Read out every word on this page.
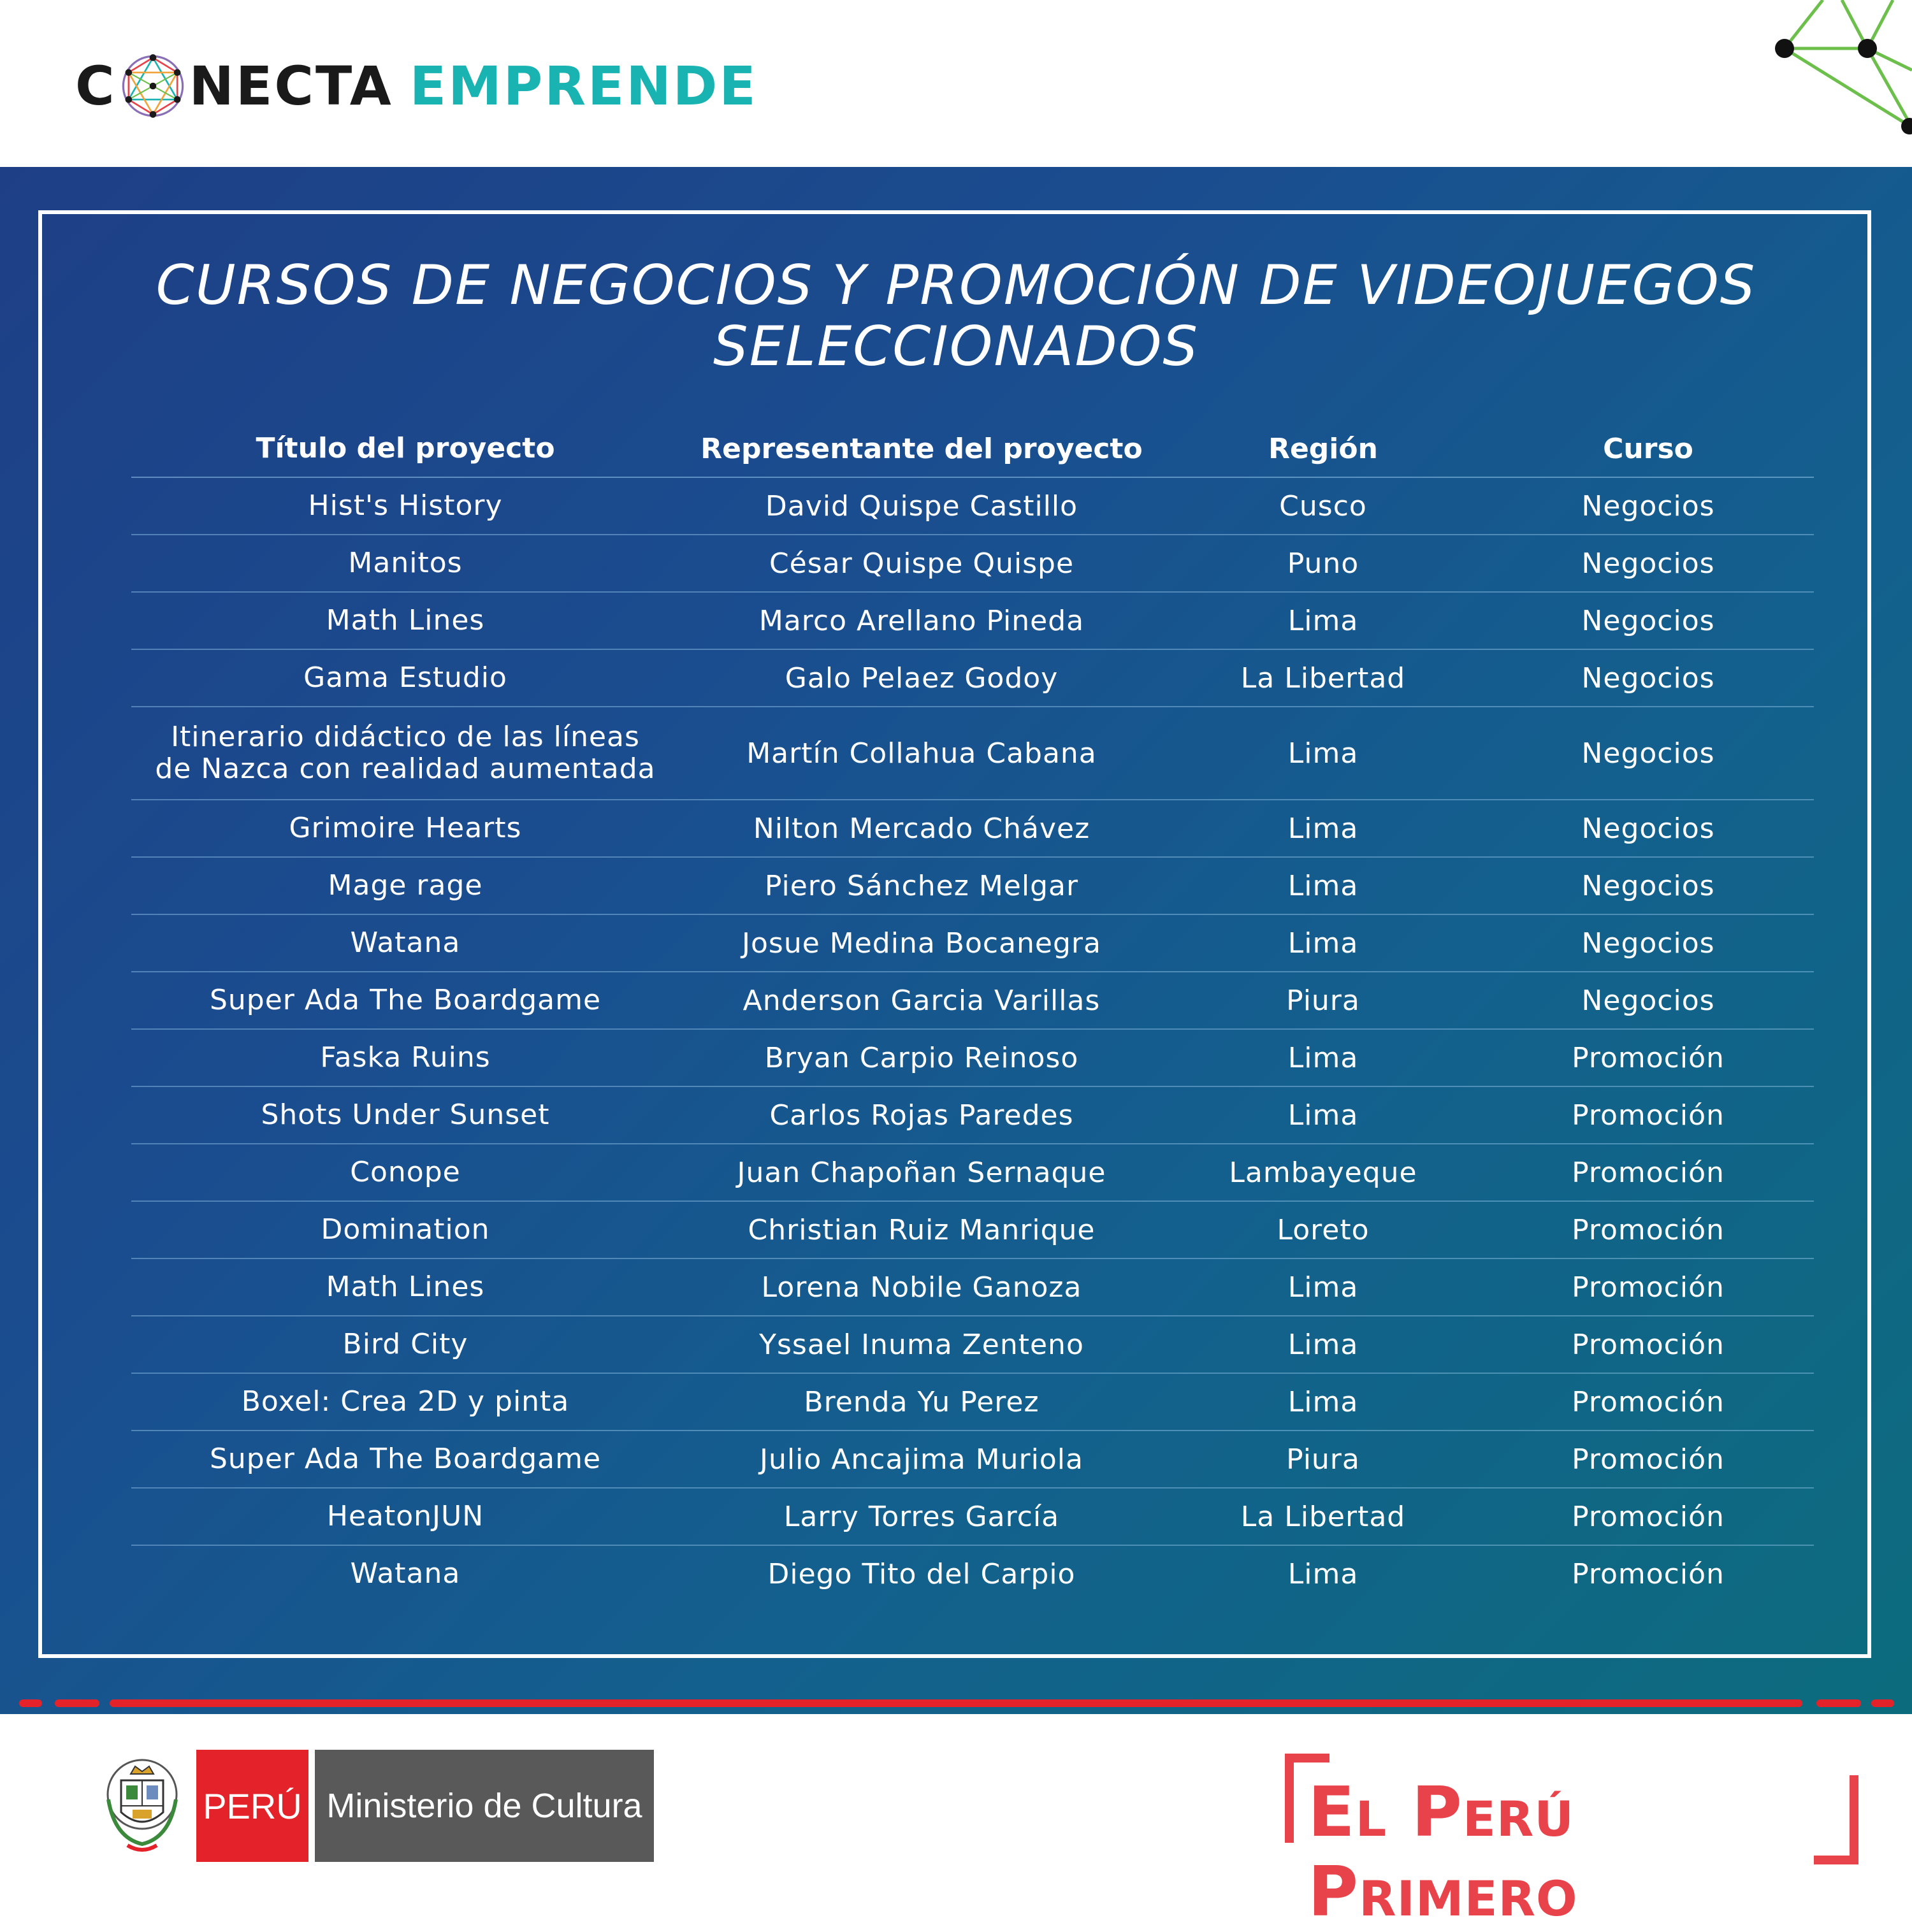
C NECTA EMPRENDE
CURSOS DE NEGOCIOS Y PROMOCIÓN DE VIDEOJUEGOS
SELECCIONADOS
Título del proyecto	Representante del proyecto	Región	Curso
Hist's History	David Quispe Castillo	Cusco	Negocios
Manitos	César Quispe Quispe	Puno	Negocios
Math Lines	Marco Arellano Pineda	Lima	Negocios
Gama Estudio	Galo Pelaez Godoy	La Libertad	Negocios
Itinerario didáctico de las líneas
de Nazca con realidad aumentada	Martín Collahua Cabana	Lima	Negocios
Grimoire Hearts	Nilton Mercado Chávez	Lima	Negocios
Mage rage	Piero Sánchez Melgar	Lima	Negocios
Watana	Josue Medina Bocanegra	Lima	Negocios
Super Ada The Boardgame	Anderson Garcia Varillas	Piura	Negocios
Faska Ruins	Bryan Carpio Reinoso	Lima	Promoción
Shots Under Sunset	Carlos Rojas Paredes	Lima	Promoción
Conope	Juan Chapoñan Sernaque	Lambayeque	Promoción
Domination	Christian Ruiz Manrique	Loreto	Promoción
Math Lines	Lorena Nobile Ganoza	Lima	Promoción
Bird City	Yssael Inuma Zenteno	Lima	Promoción
Boxel: Crea 2D y pinta	Brenda Yu Perez	Lima	Promoción
Super Ada The Boardgame	Julio Ancajima Muriola	Piura	Promoción
HeatonJUN	Larry Torres García	La Libertad	Promoción
Watana	Diego Tito del Carpio	Lima	Promoción
PERÚ Ministerio de Cultura	El Perú Primero
